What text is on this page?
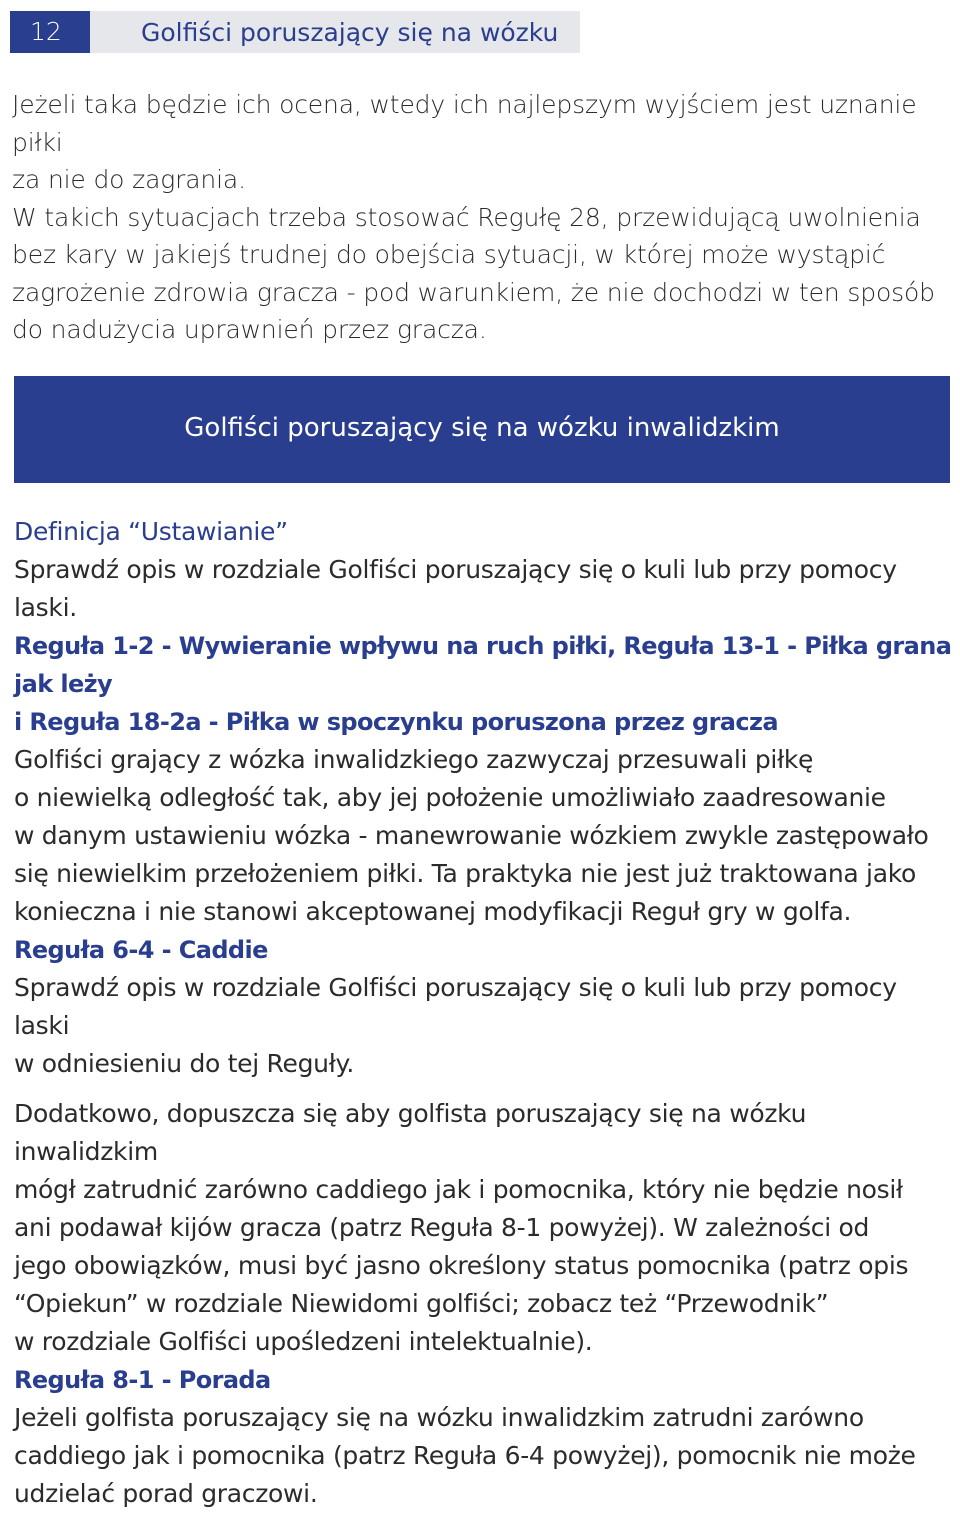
12	Golfiści poruszający się na wózku

Jeżeli taka będzie ich ocena, wtedy ich najlepszym wyjściem jest uznanie piłki
za nie do zagrania.

W takich sytuacjach trzeba stosować Regułę 28, przewidującą uwolnienia
bez kary w jakiejś trudnej do obejścia sytuacji, w której może wystąpić
zagrożenie zdrowia gracza - pod warunkiem, że nie dochodzi w ten sposób
do nadużycia uprawnień przez gracza.

Golfiści poruszający się na wózku inwalidzkim

Definicja “Ustawianie”

Sprawdź opis w rozdziale Golfiści poruszający się o kuli lub przy pomocy laski.

Reguła 1-2 - Wywieranie wpływu na ruch piłki, Reguła 13-1 - Piłka grana jak leży
i Reguła 18-2a - Piłka w spoczynku poruszona przez gracza

Golfiści grający z wózka inwalidzkiego zazwyczaj przesuwali piłkę
o niewielką odległość tak, aby jej położenie umożliwiało zaadresowanie
w danym ustawieniu wózka - manewrowanie wózkiem zwykle zastępowało
się niewielkim przełożeniem piłki. Ta praktyka nie jest już traktowana jako
konieczna i nie stanowi akceptowanej modyfikacji Reguł gry w golfa.

Reguła 6-4 - Caddie

Sprawdź opis w rozdziale Golfiści poruszający się o kuli lub przy pomocy laski
w odniesieniu do tej Reguły.

Dodatkowo, dopuszcza się aby golfista poruszający się na wózku inwalidzkim
mógł zatrudnić zarówno caddiego jak i pomocnika, który nie będzie nosił
ani podawał kijów gracza (patrz Reguła 8-1 powyżej). W zależności od
jego obowiązków, musi być jasno określony status pomocnika (patrz opis
“Opiekun” w rozdziale Niewidomi golfiści; zobacz też “Przewodnik”
w rozdziale Golfiści upośledzeni intelektualnie).

Reguła 8-1 - Porada

Jeżeli golfista poruszający się na wózku inwalidzkim zatrudni zarówno
caddiego jak i pomocnika (patrz Reguła 6-4 powyżej), pomocnik nie może
udzielać porad graczowi.
